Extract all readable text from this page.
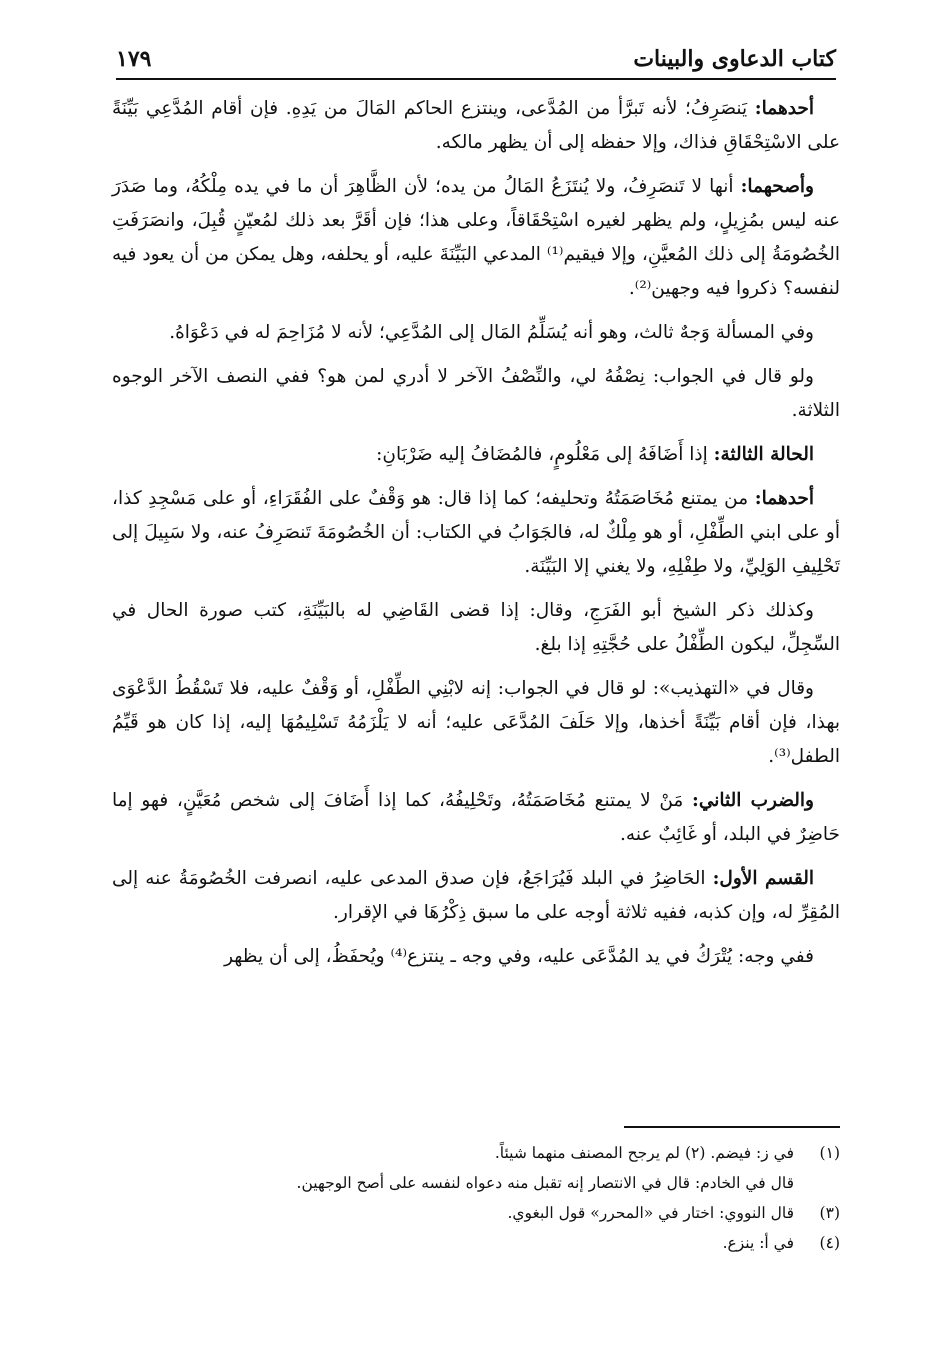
كتاب الدعاوى والبينات
١٧٩

أحدهما: يَنصَرِفُ؛ لأنه تَبرَّأ من المُدَّعى، وينتزع الحاكم المَالَ من يَدِهِ. فإن أقام المُدَّعِي بَيِّنَةً على الاسْتِحْقَاقِ فذاك، وإلا حفظه إلى أن يظهر مالكه.

وأصحهما: أنها لا تَنصَرِفُ، ولا يُنتَزَعُ المَالُ من يده؛ لأن الظَّاهِرَ أن ما في يده مِلْكُهُ، وما صَدَرَ عنه ليس بمُزِيلٍ، ولم يظهر لغيره اسْتِحْقَاقاً، وعلى هذا؛ فإن أقَرَّ بعد ذلك لمُعيّنٍ قُبِلَ، وانصَرَفَتِ الخُصُومَةُ إلى ذلك المُعيَّنِ، وإلا فيقيم⁽¹⁾ المدعي البَيِّنَةَ عليه، أو يحلفه، وهل يمكن من أن يعود فيه لنفسه؟ ذكروا فيه وجهين⁽²⁾.

وفي المسألة وَجهٌ ثالث، وهو أنه يُسَلِّمُ المَال إلى المُدَّعِي؛ لأنه لا مُزَاحِمَ له في دَعْوَاهُ.

ولو قال في الجواب: نِصْفُهُ لي، والنِّصْفُ الآخر لا أدري لمن هو؟ ففي النصف الآخر الوجوه الثلاثة.

الحالة الثالثة: إذا أَضَافَهُ إلى مَعْلُومٍ، فالمُضَافُ إليه ضَرْبَانِ:

أحدهما: من يمتنع مُخَاصَمَتُهُ وتحليفه؛ كما إذا قال: هو وَقْفٌ على الفُقَرَاءِ، أو على مَسْجِدِ كذا، أو على ابني الطِّفْلِ، أو هو مِلْكٌ له، فالجَوَابُ في الكتاب: أن الخُصُومَةَ تَنصَرِفُ عنه، ولا سَبِيلَ إلى تَحْلِيفِ الوَلِيِّ، ولا طِفْلِهِ، ولا يغني إلا البَيِّنَة.

وكذلك ذكر الشيخ أبو الفَرَجِ، وقال: إذا قضى القَاضِي له بالبَيِّنَةِ، كتب صورة الحال في السِّجِلِّ، ليكون الطِّفْلُ على حُجَّتِهِ إذا بلغ.

وقال في «التهذيب»: لو قال في الجواب: إنه لابْنِي الطِّفْلِ، أو وَقْفٌ عليه، فلا تَسْقُطُ الدَّعْوَى بهذا، فإن أقام بَيِّنَةً أخذها، وإلا حَلَفَ المُدَّعَى عليه؛ أنه لا يَلْزَمُهُ تَسْلِيمُهَا إليه، إذا كان هو قَيِّمُ الطفل⁽³⁾.

والضرب الثاني: مَنْ لا يمتنع مُخَاصَمَتُهُ، وتَحْلِيفُهُ، كما إذا أَضَافَ إلى شخص مُعَيَّنٍ، فهو إما حَاضِرٌ في البلد، أو غَائِبٌ عنه.

القسم الأول: الحَاضِرُ في البلد فَيُرَاجَعُ، فإن صدق المدعى عليه، انصرفت الخُصُومَةُ عنه إلى المُقِرِّ له، وإن كذبه، ففيه ثلاثة أوجه على ما سبق ذِكْرُهَا في الإقرار.

ففي وجه: يُتْرَكُ في يد المُدَّعَى عليه، وفي وجه ـ ينتزع⁽⁴⁾ ويُحفَظُ، إلى أن يظهر

(١)
في ز: فيضم. (٢) لم يرجح المصنف منهما شيئاً.
قال في الخادم: قال في الانتصار إنه تقبل منه دعواه لنفسه على أصح الوجهين.
(٣)
قال النووي: اختار في «المحرر» قول البغوي.
(٤)
في أ: ينزع.
